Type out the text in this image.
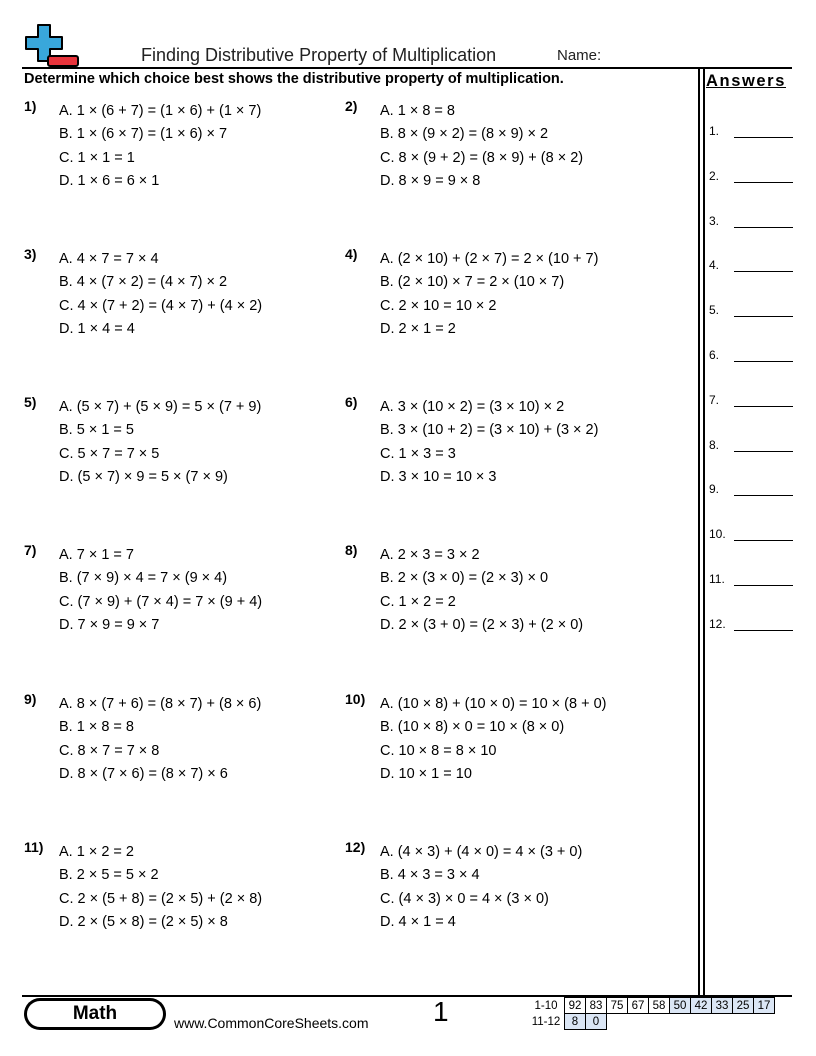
Finding Distributive Property of Multiplication	Name:
Determine which choice best shows the distributive property of multiplication.	Answers
1.
2.
3.
4.
5.
6.
7.
8.
9.
10.
11.
12.
1) A. 1 × (6 + 7) = (1 × 6) + (1 × 7)
B. 1 × (6 × 7) = (1 × 6) × 7
C. 1 × 1 = 1
D. 1 × 6 = 6 × 1
2) A. 1 × 8 = 8
B. 8 × (9 × 2) = (8 × 9) × 2
C. 8 × (9 + 2) = (8 × 9) + (8 × 2)
D. 8 × 9 = 9 × 8
3) A. 4 × 7 = 7 × 4
B. 4 × (7 × 2) = (4 × 7) × 2
C. 4 × (7 + 2) = (4 × 7) + (4 × 2)
D. 1 × 4 = 4
4) A. (2 × 10) + (2 × 7) = 2 × (10 + 7)
B. (2 × 10) × 7 = 2 × (10 × 7)
C. 2 × 10 = 10 × 2
D. 2 × 1 = 2
5) A. (5 × 7) + (5 × 9) = 5 × (7 + 9)
B. 5 × 1 = 5
C. 5 × 7 = 7 × 5
D. (5 × 7) × 9 = 5 × (7 × 9)
6) A. 3 × (10 × 2) = (3 × 10) × 2
B. 3 × (10 + 2) = (3 × 10) + (3 × 2)
C. 1 × 3 = 3
D. 3 × 10 = 10 × 3
7) A. 7 × 1 = 7
B. (7 × 9) × 4 = 7 × (9 × 4)
C. (7 × 9) + (7 × 4) = 7 × (9 + 4)
D. 7 × 9 = 9 × 7
8) A. 2 × 3 = 3 × 2
B. 2 × (3 × 0) = (2 × 3) × 0
C. 1 × 2 = 2
D. 2 × (3 + 0) = (2 × 3) + (2 × 0)
9) A. 8 × (7 + 6) = (8 × 7) + (8 × 6)
B. 1 × 8 = 8
C. 8 × 7 = 7 × 8
D. 8 × (7 × 6) = (8 × 7) × 6
10) A. (10 × 8) + (10 × 0) = 10 × (8 + 0)
B. (10 × 8) × 0 = 10 × (8 × 0)
C. 10 × 8 = 8 × 10
D. 10 × 1 = 10
11) A. 1 × 2 = 2
B. 2 × 5 = 5 × 2
C. 2 × (5 + 8) = (2 × 5) + (2 × 8)
D. 2 × (5 × 8) = (2 × 5) × 8
12) A. (4 × 3) + (4 × 0) = 4 × (3 + 0)
B. 4 × 3 = 3 × 4
C. (4 × 3) × 0 = 4 × (3 × 0)
D. 4 × 1 = 4
Math	www.CommonCoreSheets.com 1	1-10	92	83	75	67	58	50	42	33	25	17
11-12	8	0								
